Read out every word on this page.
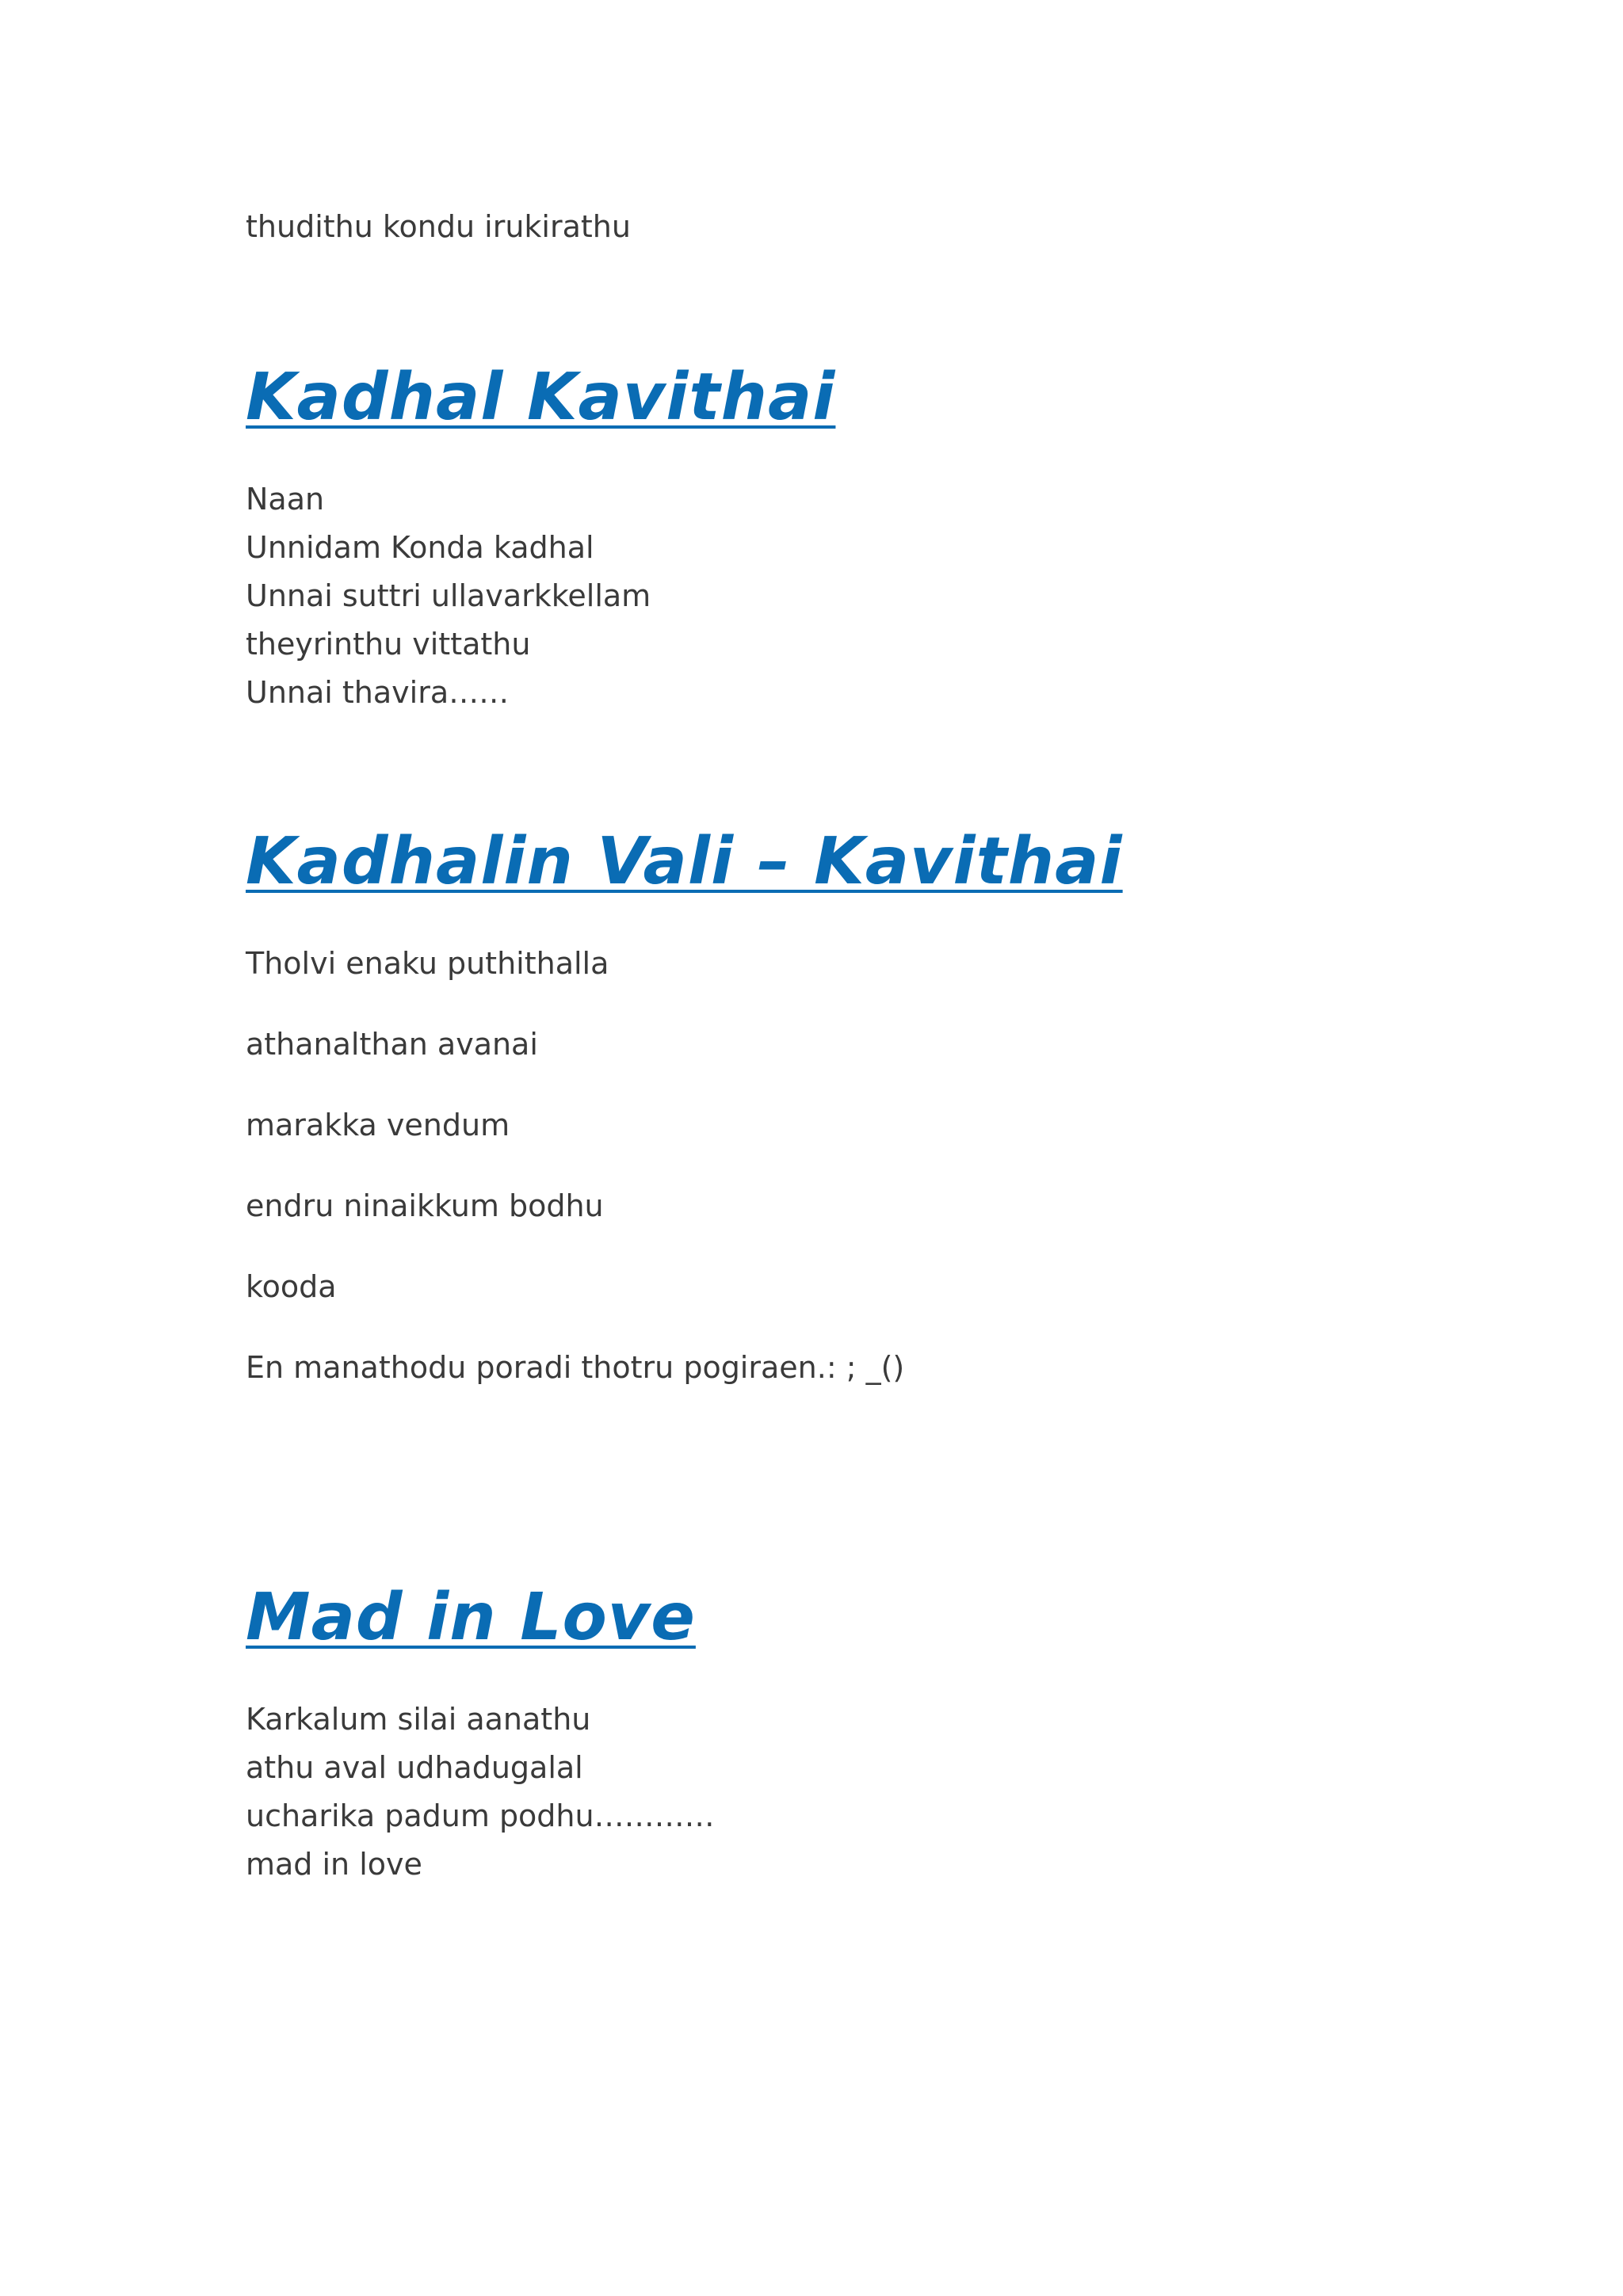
thudithu kondu irukirathu
Kadhal Kavithai
Naan
Unnidam Konda kadhal
Unnai suttri ullavarkkellam
theyrinthu vittathu
Unnai thavira……
Kadhalin Vali – Kavithai
Tholvi enaku puthithalla
athanalthan avanai
marakka vendum
endru ninaikkum bodhu
kooda
En manathodu poradi thotru pogiraen.: ; _()
Mad in Love
Karkalum silai aanathu
athu aval udhadugalal
ucharika padum podhu…………
mad in love
